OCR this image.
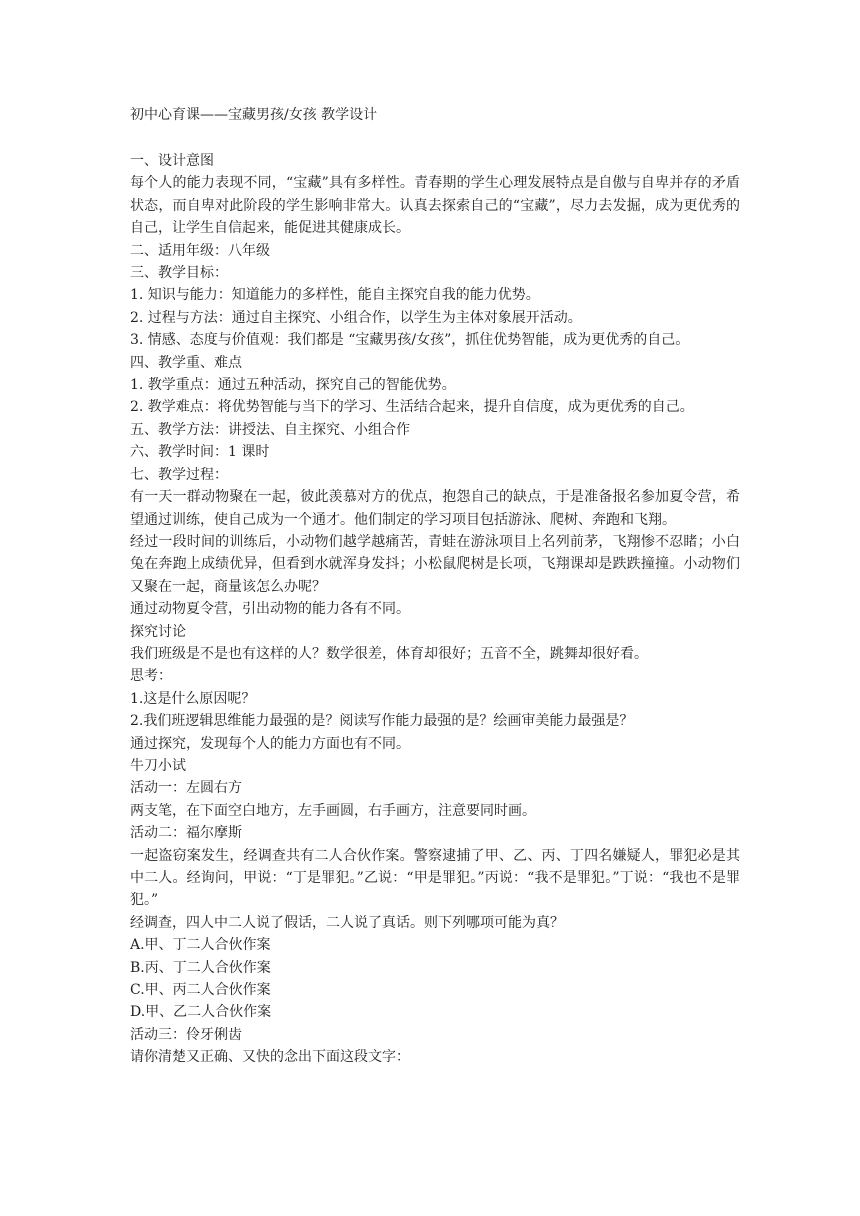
初中心育课——宝藏男孩/女孩 教学设计

一、设计意图

每个人的能力表现不同，“宝藏”具有多样性。青春期的学生心理发展特点是自傲与自卑并存的矛盾状态，而自卑对此阶段的学生影响非常大。认真去探索自己的“宝藏”，尽力去发掘，成为更优秀的自己，让学生自信起来，能促进其健康成长。

二、适用年级：八年级

三、教学目标：

1. 知识与能力：知道能力的多样性，能自主探究自我的能力优势。

2. 过程与方法：通过自主探究、小组合作，以学生为主体对象展开活动。

3. 情感、态度与价值观：我们都是 “宝藏男孩/女孩”，抓住优势智能，成为更优秀的自己。

四、教学重、难点

1. 教学重点：通过五种活动，探究自己的智能优势。

2. 教学难点：将优势智能与当下的学习、生活结合起来，提升自信度，成为更优秀的自己。

五、教学方法：讲授法、自主探究、小组合作

六、教学时间：1 课时

七、教学过程：

有一天一群动物聚在一起，彼此羡慕对方的优点，抱怨自己的缺点，于是准备报名参加夏令营，希望通过训练，使自己成为一个通才。他们制定的学习项目包括游泳、爬树、奔跑和飞翔。

经过一段时间的训练后，小动物们越学越痛苦，青蛙在游泳项目上名列前茅，飞翔惨不忍睹；小白兔在奔跑上成绩优异，但看到水就浑身发抖；小松鼠爬树是长项，飞翔课却是跌跌撞撞。小动物们又聚在一起，商量该怎么办呢？

通过动物夏令营，引出动物的能力各有不同。

探究讨论

我们班级是不是也有这样的人？数学很差，体育却很好；五音不全，跳舞却很好看。

思考：

1.这是什么原因呢？

2.我们班逻辑思维能力最强的是？阅读写作能力最强的是？绘画审美能力最强是？

通过探究，发现每个人的能力方面也有不同。

牛刀小试

活动一：左圆右方

两支笔，在下面空白地方，左手画圆，右手画方，注意要同时画。

活动二：福尔摩斯

一起盗窃案发生，经调查共有二人合伙作案。警察逮捕了甲、乙、丙、丁四名嫌疑人，罪犯必是其中二人。经询问，甲说：“丁是罪犯。”乙说：“甲是罪犯。”丙说：“我不是罪犯。”丁说：“我也不是罪犯。”

经调查，四人中二人说了假话，二人说了真话。则下列哪项可能为真？

A.甲、丁二人合伙作案

B.丙、丁二人合伙作案

C.甲、丙二人合伙作案

D.甲、乙二人合伙作案

活动三：伶牙俐齿

请你清楚又正确、又快的念出下面这段文字：
